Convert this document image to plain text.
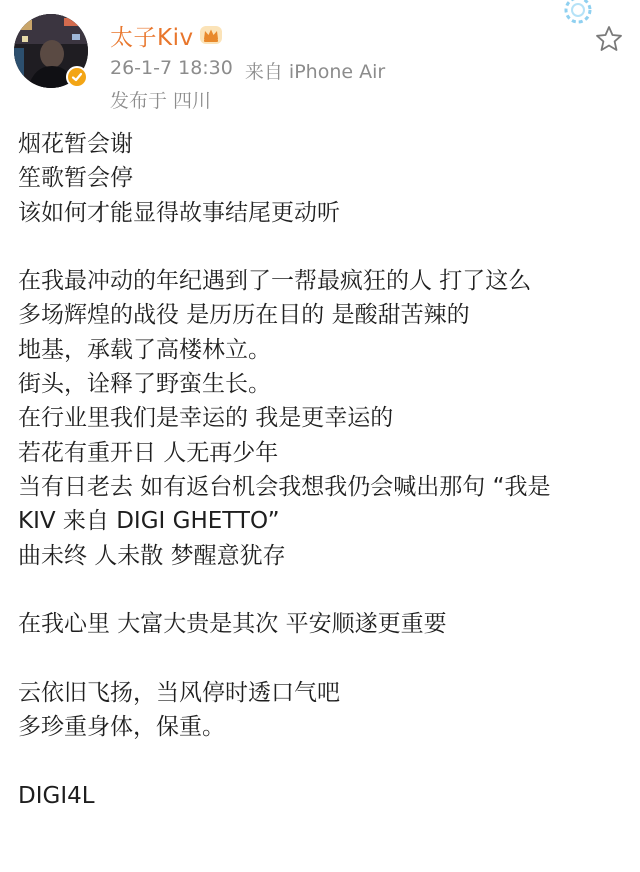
太子Kiv
26-1-7 18:30 来自 iPhone Air
发布于 四川
烟花暂会谢
笙歌暂会停
该如何才能显得故事结尾更动听
在我最冲动的年纪遇到了一帮最疯狂的人 打了这么
多场辉煌的战役 是历历在目的 是酸甜苦辣的
地基，承载了高楼林立。
街头，诠释了野蛮生长。
在行业里我们是幸运的 我是更幸运的
若花有重开日 人无再少年
当有日老去 如有返台机会我想我仍会喊出那句 “我是
KIV 来自 DIGI GHETTO”
曲未终 人未散 梦醒意犹存
在我心里 大富大贵是其次 平安顺遂更重要
云依旧飞扬，当风停时透口气吧
多珍重身体，保重。
DIGI4L
